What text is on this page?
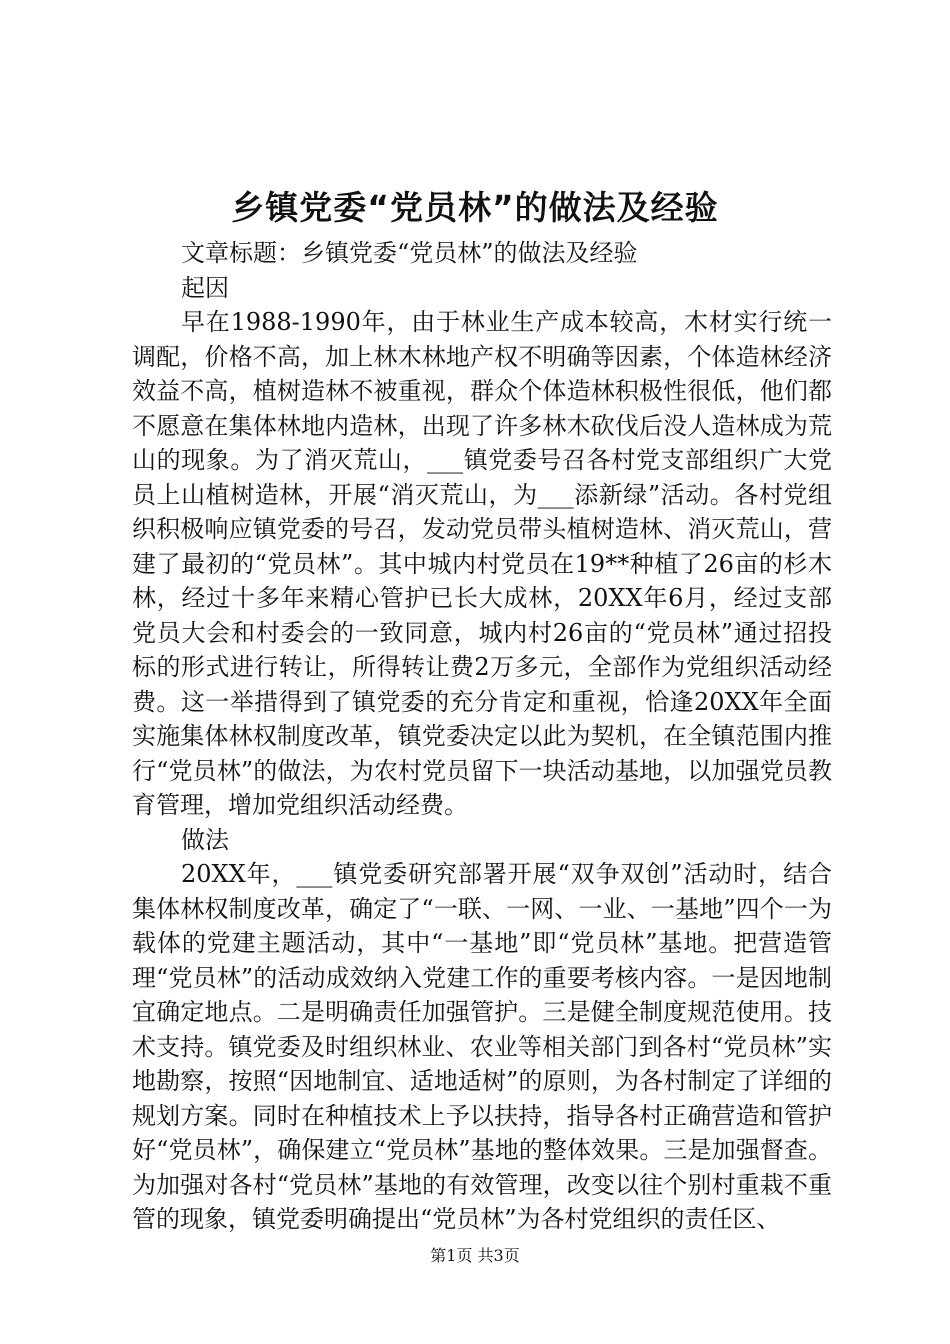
乡镇党委“党员林”的做法及经验
文章标题：乡镇党委“党员林”的做法及经验
起因

早在1988-1990年，由于林业生产成本较高，木材实行统一调配，价格不高，加上林木林地产权不明确等因素，个体造林经济效益不高，植树造林不被重视，群众个体造林积极性很低，他们都不愿意在集体林地内造林，出现了许多林木砍伐后没人造林成为荒山的现象。为了消灭荒山，___镇党委号召各村党支部组织广大党员上山植树造林，开展“消灭荒山，为___添新绿”活动。各村党组织积极响应镇党委的号召，发动党员带头植树造林、消灭荒山，营建了最初的“党员林”。其中城内村党员在19**种植了26亩的杉木林，经过十多年来精心管护已长大成林，20XX年6月，经过支部党员大会和村委会的一致同意，城内村26亩的“党员林”通过招投标的形式进行转让，所得转让费2万多元，全部作为党组织活动经费。这一举措得到了镇党委的充分肯定和重视，恰逢20XX年全面实施集体林权制度改革，镇党委决定以此为契机，在全镇范围内推行“党员林”的做法，为农村党员留下一块活动基地，以加强党员教育管理，增加党组织活动经费。

做法

20XX年，___镇党委研究部署开展“双争双创”活动时，结合集体林权制度改革，确定了“一联、一网、一业、一基地”四个一为载体的党建主题活动，其中“一基地”即“党员林”基地。把营造管理“党员林”的活动成效纳入党建工作的重要考核内容。一是因地制宜确定地点。二是明确责任加强管护。三是健全制度规范使用。技术支持。镇党委及时组织林业、农业等相关部门到各村“党员林”实地勘察，按照“因地制宜、适地适树”的原则，为各村制定了详细的规划方案。同时在种植技术上予以扶持，指导各村正确营造和管护好“党员林”，确保建立“党员林”基地的整体效果。三是加强督查。为加强对各村“党员林”基地的有效管理，改变以往个别村重栽不重管的现象，镇党委明确提出“党员林”为各村党组织的责任区、

第1页 共3页
